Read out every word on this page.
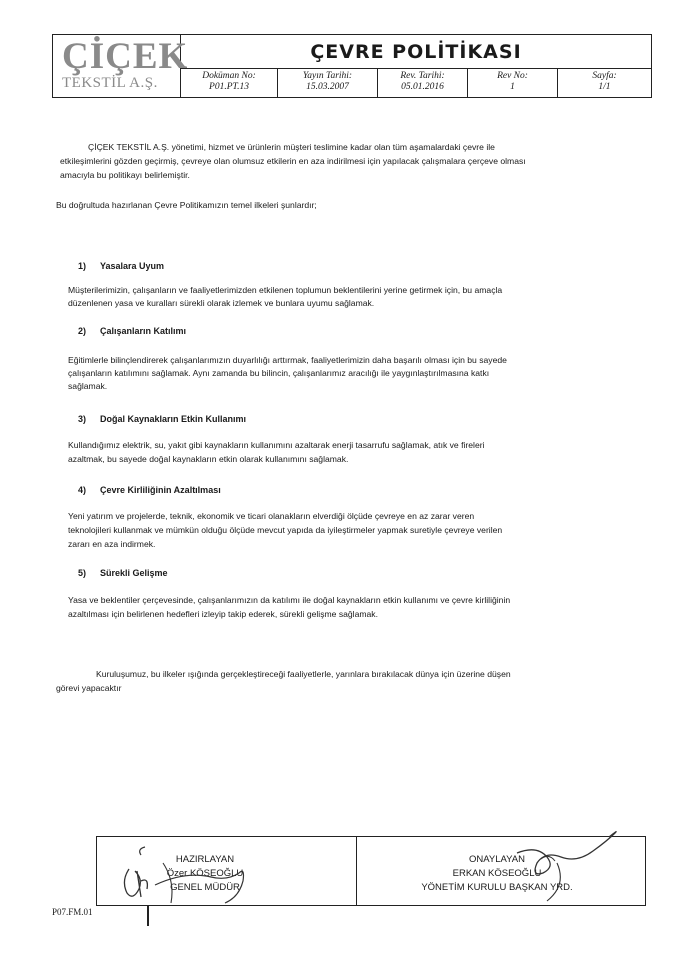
ÇİÇEK
TEKSTİL A.Ş.
ÇEVRE POLİTİKASI
Doküman No:
P01.PT.13
Yayın Tarihi:
15.03.2007
Rev. Tarihi:
05.01.2016
Rev No:
1
Sayfa:
1/1
ÇİÇEK TEKSTİL A.Ş. yönetimi, hizmet ve ürünlerin müşteri teslimine kadar olan tüm aşamalardaki çevre ile
etkileşimlerini gözden geçirmiş, çevreye olan olumsuz etkilerin en aza indirilmesi için yapılacak çalışmalara çerçeve olması
amacıyla bu politikayı belirlemiştir.
Bu doğrultuda hazırlanan Çevre Politikamızın temel ilkeleri şunlardır;
1) Yasalara Uyum
Müşterilerimizin, çalışanların ve faaliyetlerimizden etkilenen toplumun beklentilerini yerine getirmek için, bu amaçla
düzenlenen yasa ve kuralları sürekli olarak izlemek ve bunlara uyumu sağlamak.
2) Çalışanların Katılımı
Eğitimlerle bilinçlendirerek çalışanlarımızın duyarlılığı arttırmak, faaliyetlerimizin daha başarılı olması için bu sayede
çalışanların katılımını sağlamak. Aynı zamanda bu bilincin, çalışanlarımız aracılığı ile yaygınlaştırılmasına katkı
sağlamak.
3) Doğal Kaynakların Etkin Kullanımı
Kullandığımız elektrik, su, yakıt gibi kaynakların kullanımını azaltarak enerji tasarrufu sağlamak, atık ve fireleri
azaltmak, bu sayede doğal kaynakların etkin olarak kullanımını sağlamak.
4) Çevre Kirliliğinin Azaltılması
Yeni yatırım ve projelerde, teknik, ekonomik ve ticari olanakların elverdiği ölçüde çevreye en az zarar veren
teknolojileri kullanmak ve mümkün olduğu ölçüde mevcut yapıda da iyileştirmeler yapmak suretiyle çevreye verilen
zararı en aza indirmek.
5) Sürekli Gelişme
Yasa ve beklentiler çerçevesinde, çalışanlarımızın da katılımı ile doğal kaynakların etkin kullanımı ve çevre kirliliğinin
azaltılması için belirlenen hedefleri izleyip takip ederek, sürekli gelişme sağlamak.
Kuruluşumuz, bu ilkeler ışığında gerçekleştireceği faaliyetlerle, yarınlara bırakılacak dünya için üzerine düşen
görevi yapacaktır
HAZIRLAYAN
Özer KÖSEOĞLU
GENEL MÜDÜR
ONAYLAYAN
ERKAN KÖSEOĞLU
YÖNETİM KURULU BAŞKAN YRD.
P07.FM.01
